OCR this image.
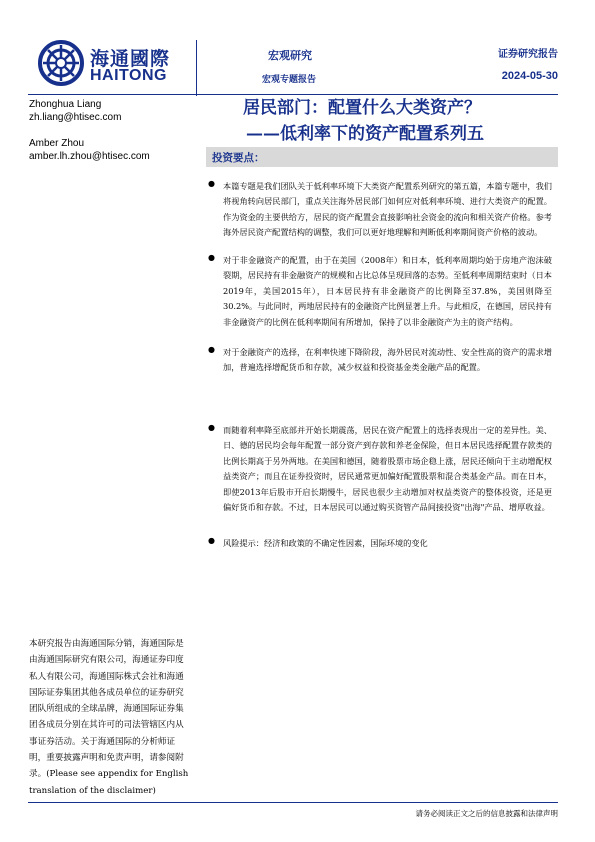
海通國際
HAITONG
宏观研究
宏观专题报告
证券研究报告
2024-05-30
Zhonghua Liang
zh.liang@htisec.com
Amber Zhou
amber.lh.zhou@htisec.com
居民部门：配置什么大类资产？
——低利率下的资产配置系列五
投资要点：
● 本篇专题是我们团队关于低利率环境下大类资产配置系列研究的第五篇，本篇专题中，我们将视角转向居民部门，重点关注海外居民部门如何应对低利率环境、进行大类资产的配置。作为资金的主要供给方，居民的资产配置会直接影响社会资金的流向和相关资产价格。参考海外居民资产配置结构的调整，我们可以更好地理解和判断低利率期间资产价格的波动。
● 对于非金融资产的配置，由于在美国（2008年）和日本，低利率周期均始于房地产泡沫破裂期，居民持有非金融资产的规模和占比总体呈现回落的态势。至低利率周期结束时（日本2019年，美国2015年），日本居民持有非金融资产的比例降至37.8%，美国则降至30.2%。与此同时，两地居民持有的金融资产比例显著上升。与此相反，在德国，居民持有非金融资产的比例在低利率期间有所增加，保持了以非金融资产为主的资产结构。
● 对于金融资产的选择，在利率快速下降阶段，海外居民对流动性、安全性高的资产的需求增加，普遍选择增配货币和存款，减少权益和投资基金类金融产品的配置。
● 而随着利率降至底部并开始长期震荡，居民在资产配置上的选择表现出一定的差异性。美、日、德的居民均会每年配置一部分资产到存款和养老金保险，但日本居民选择配置存款类的比例长期高于另外两地。在美国和德国，随着股票市场企稳上涨，居民还倾向于主动增配权益类资产；而且在证券投资时，居民通常更加偏好配置股票和混合类基金产品。而在日本，即使2013年后股市开启长期慢牛，居民也很少主动增加对权益类资产的整体投资，还是更偏好货币和存款。不过，日本居民可以通过购买资管产品间接投资"出海"产品、增厚收益。
● 风险提示：经济和政策的不确定性因素，国际环境的变化
本研究报告由海通国际分销，海通国际是由海通国际研究有限公司，海通证券印度私人有限公司，海通国际株式会社和海通国际证券集团其他各成员单位的证券研究团队所组成的全球品牌，海通国际证券集团各成员分别在其许可的司法管辖区内从事证券活动。关于海通国际的分析师证明，重要披露声明和免责声明，请参阅附录。(Please see appendix for English translation of the disclaimer)
请务必阅读正文之后的信息披露和法律声明
